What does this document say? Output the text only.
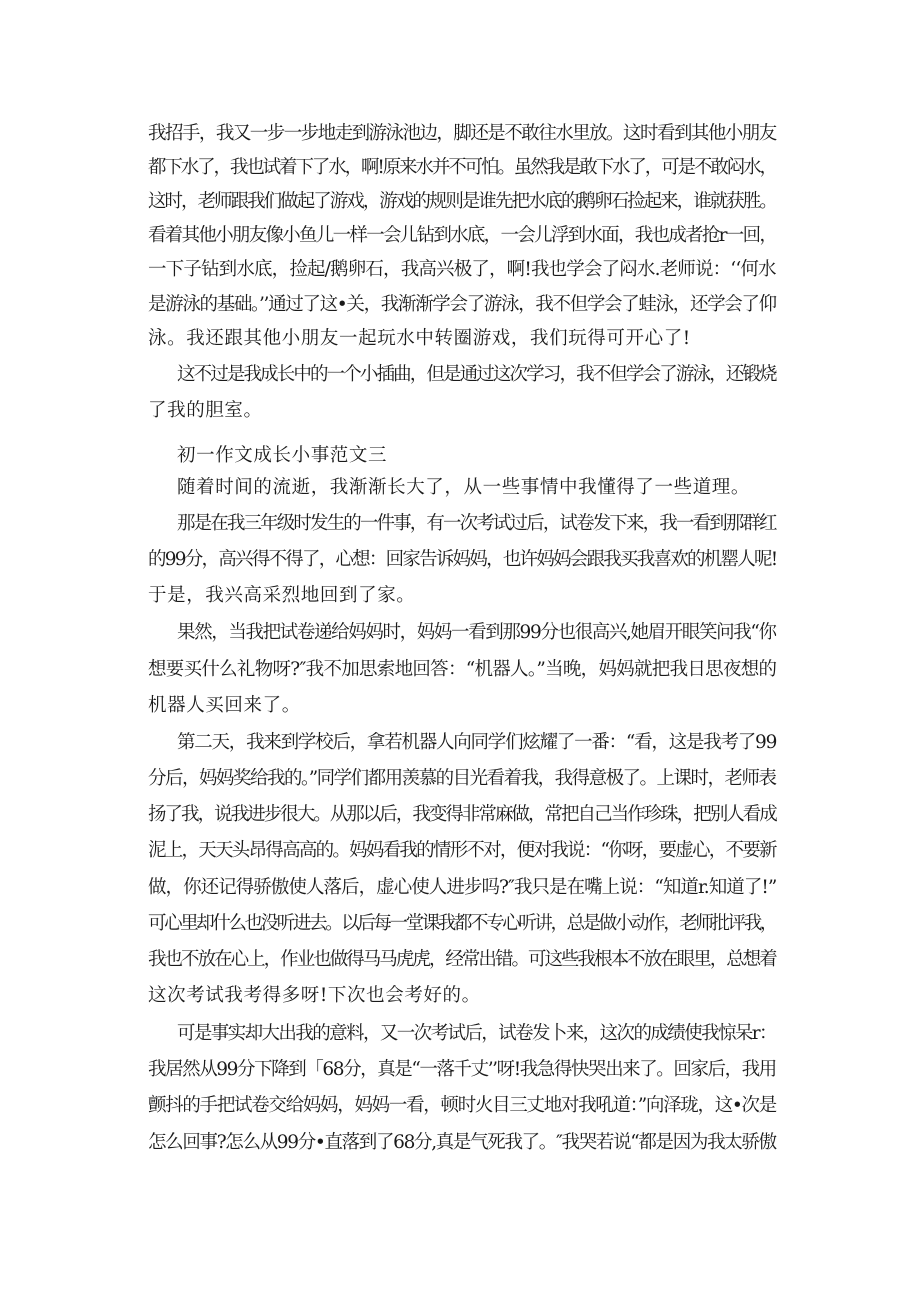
我招手，我又一步一步地走到游泳池边，脚还是不敢往水里放。这时看到其他小朋友
都下水了，我也试着下了水，啊!原来水并不可怕。虽然我是敢下水了，可是不敢闷水，
这时，老师跟我们做起了游戏，游戏的规则是谁先把水底的鹅卵石捡起来，谁就获胜。
看着其他小朋友像小鱼儿一样一会儿钻到水底，一会儿浮到水面，我也成者抢r一回，
一下子钻到水底，捡起/鹅卵石，我高兴极了，啊!我也学会了闷水.老师说：‘‘何水
是游泳的基础。’’通过了这•关，我渐渐学会了游泳，我不但学会了蛙泳，还学会了仰
泳。我还跟其他小朋友一起玩水中转圈游戏，我们玩得可开心了!
这不过是我成长中的一个小插曲，但是通过这次学习，我不但学会了游泳，还锻烧
了我的胆室。
初一作文成长小事范文三
随着时间的流逝，我渐渐长大了，从一些事情中我懂得了一些道理。
那是在我三年级时发生的一件事，有一次考试过后，试卷发下来，我一看到那群红
的99分，高兴得不得了，心想：回家告诉妈妈，也许妈妈会跟我买我喜欢的机罂人呢!
于是，我兴高采烈地回到了家。
果然，当我把试卷递给妈妈时，妈妈一看到那99分也很高兴,她眉开眼笑问我“你
想要买什么礼物呀?″我不加思索地回答：“机器人。”当晚，妈妈就把我日思夜想的
机器人买回来了。
第二天，我来到学校后，拿若机器人向同学们炫耀了一番：“看，这是我考了99
分后，妈妈奖给我的。”同学们都用羡慕的目光看着我，我得意极了。上课时，老师表
扬了我，说我进步很大。从那以后，我变得非常麻做，常把自己当作珍珠，把别人看成
泥上，天天头昂得高高的。妈妈看我的情形不对，便对我说：“你呀，要虚心，不要新
做，你还记得骄傲使人落后，虚心使人进步吗?″我只是在嘴上说：“知道r.知道了!”
可心里却什么也没听进去。以后每一堂课我都不专心听讲，总是做小动作，老师批评我，
我也不放在心上，作业也做得马马虎虎，经常出错。可这些我根本不放在眼里，总想着
这次考试我考得多呀!下次也会考好的。
可是事实却大出我的意料，又一次考试后，试卷发卜来，这次的成绩使我惊呆r：
我居然从99分下降到「68分，真是“一落千丈’’呀!我急得快哭出来了。回家后，我用
颤抖的手把试卷交给妈妈，妈妈一看，顿时火目三丈地对我吼道：”向泽珑，这•次是
怎么回事?怎么从99分•直落到了68分,真是气死我了。″我哭若说“都是因为我太骄傲
